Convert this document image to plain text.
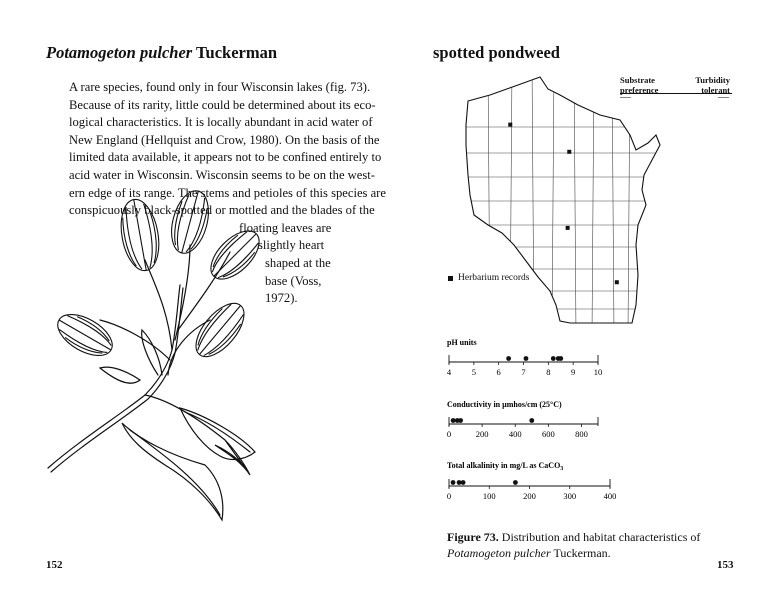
Potamogeton pulcher Tuckerman
A rare species, found only in four Wisconsin lakes (fig. 73).
Because of its rarity, little could be determined about its eco-
logical characteristics. It is locally abundant in acid water of
New England (Hellquist and Crow, 1980). On the basis of the
limited data available, it appears not to be confined entirely to
acid water in Wisconsin. Wisconsin seems to be on the west-
ern edge of its range. The stems and petioles of this species are
conspicuously black-spotted or mottled and the blades of the
floating leaves are
slightly heart
shaped at the
base (Voss,
1972).
152
spotted pondweed
Substrate
preference
Turbidity
tolerant
—	—
Herbarium records
pH units
4 5 6 7 8 9 10
Conductivity in µmhos/cm (25°C)
0	200 400 600 800
Total alkalinity in mg/L as CaCO$_3$
0	100	200	300	400
Figure 73. Distribution and habitat characteristics of Potamogeton pulcher Tuckerman.
153
